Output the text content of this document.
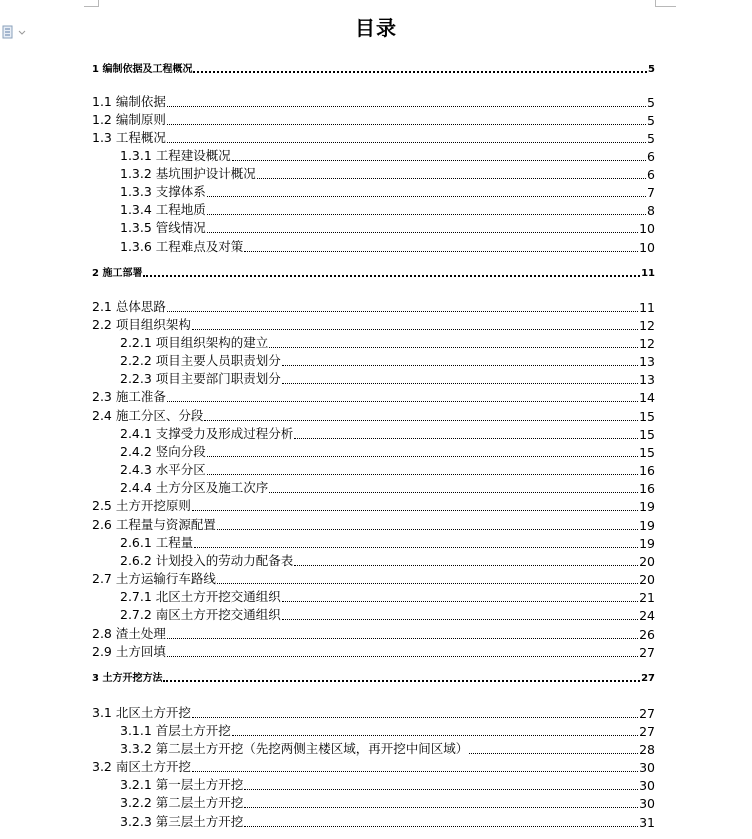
目录
1 编制依据及工程概况	5
1.1 编制依据	5
1.2 编制原则	5
1.3 工程概况	5
1.3.1 工程建设概况	6
1.3.2 基坑围护设计概况	6
1.3.3 支撑体系	7
1.3.4 工程地质	8
1.3.5 管线情况	10
1.3.6 工程难点及对策	10
2 施工部署	11
2.1 总体思路	11
2.2 项目组织架构	12
2.2.1 项目组织架构的建立	12
2.2.2 项目主要人员职责划分	13
2.2.3 项目主要部门职责划分	13
2.3 施工准备	14
2.4 施工分区、分段	15
2.4.1 支撑受力及形成过程分析	15
2.4.2 竖向分段	15
2.4.3 水平分区	16
2.4.4 土方分区及施工次序	16
2.5 土方开挖原则	19
2.6 工程量与资源配置	19
2.6.1 工程量	19
2.6.2 计划投入的劳动力配备表	20
2.7 土方运输行车路线	20
2.7.1 北区土方开挖交通组织	21
2.7.2 南区土方开挖交通组织	24
2.8 渣土处理	26
2.9 土方回填	27
3 土方开挖方法	27
3.1 北区土方开挖	27
3.1.1 首层土方开挖	27
3.3.2 第二层土方开挖（先挖两侧主楼区域，再开挖中间区域）	28
3.2 南区土方开挖	30
3.2.1 第一层土方开挖	30
3.2.2 第二层土方开挖	30
3.2.3 第三层土方开挖	31
